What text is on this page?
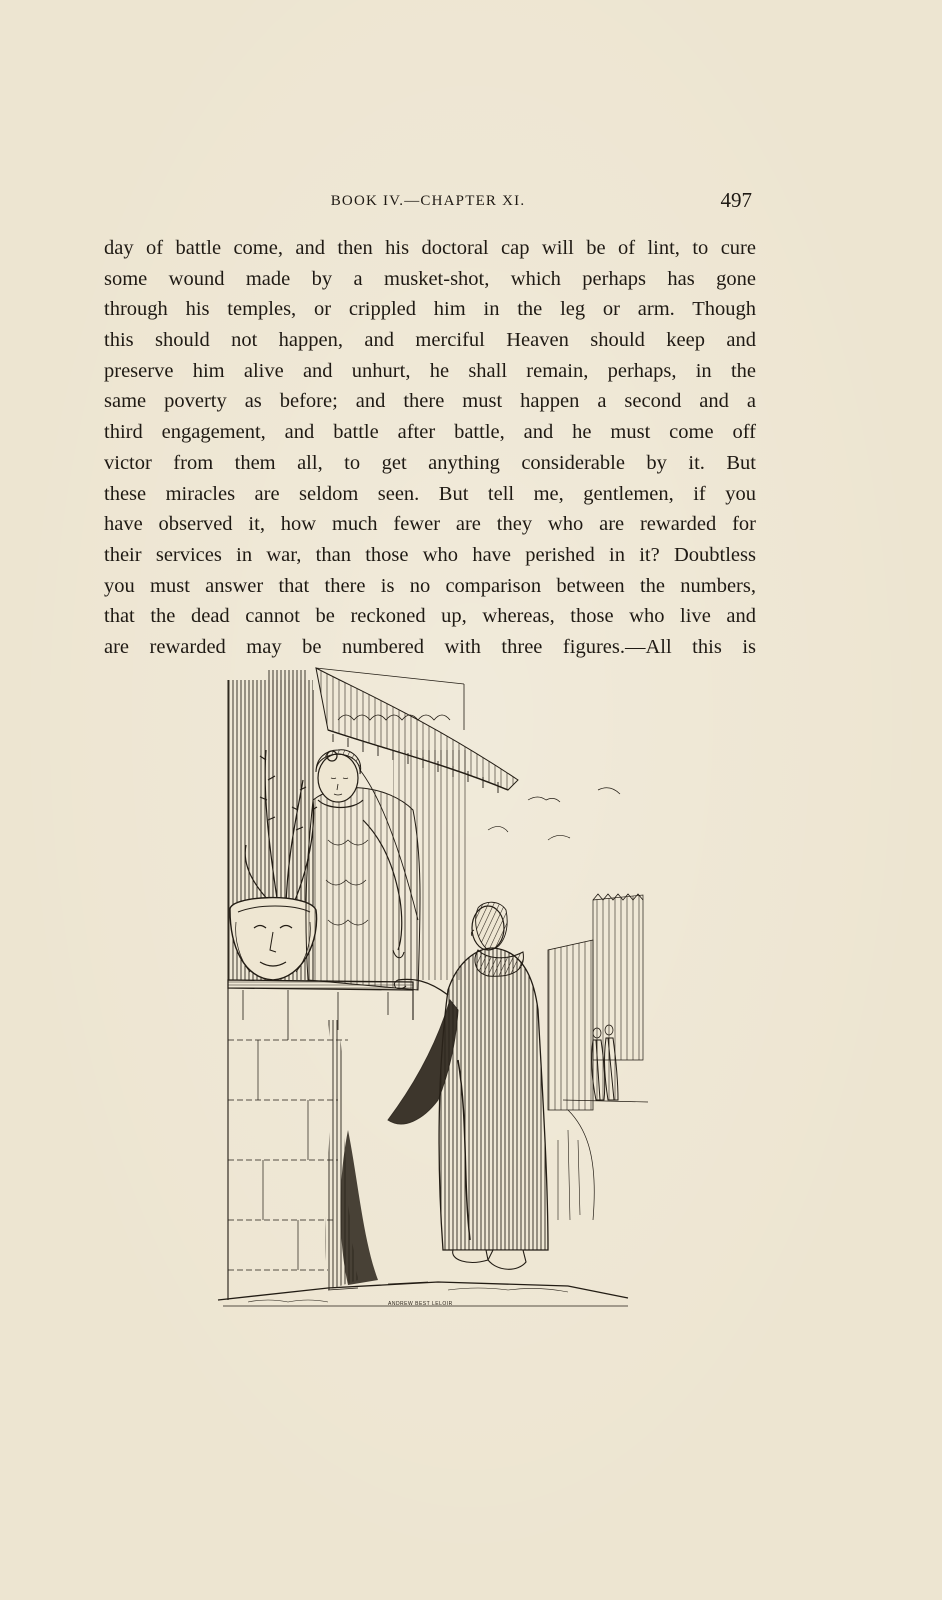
BOOK IV.—CHAPTER XI.	497
day of battle come, and then his doctoral cap will be of lint, to cure
some wound made by a musket-shot, which perhaps has gone
through his temples, or crippled him in the leg or arm. Though
this should not happen, and merciful Heaven should keep and
preserve him alive and unhurt, he shall remain, perhaps, in the
same poverty as before; and there must happen a second and a
third engagement, and battle after battle, and he must come off
victor from them all, to get anything considerable by it. But
these miracles are seldom seen. But tell me, gentlemen, if you
have observed it, how much fewer are they who are rewarded for
their services in war, than those who have perished in it? Doubtless
you must answer that there is no comparison between the numbers,
that the dead cannot be reckoned up, whereas, those who live and
are rewarded may be numbered with three figures.—All this is
ANDREW BEST LELOIR
